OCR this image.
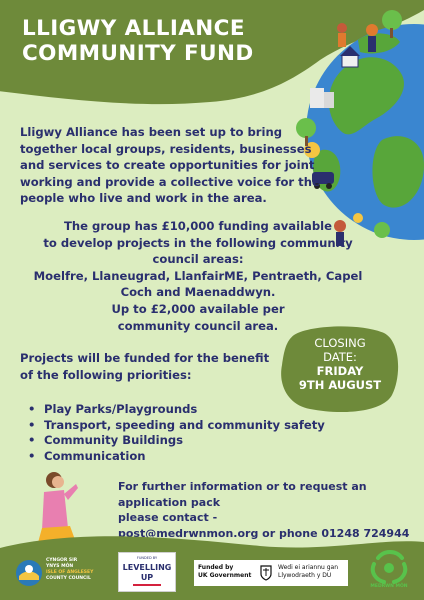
LLIGWY ALLIANCE
COMMUNITY FUND
Lligwy Alliance has been set up to bring together local groups, residents, businesses and services to create opportunities for joint working and provide a collective voice for the people who live and work in the area.
The group has £10,000 funding available
to develop projects in the following community
council areas:
Moelfre, Llaneugrad, LlanfairME, Pentraeth, Capel
Coch and Maenaddwyn.
Up to £2,000 available per
community council area.
Projects will be funded for the benefit
of the following priorities:
CLOSING
DATE:
FRIDAY
9TH AUGUST
• Play Parks/Playgrounds
• Transport, speeding and community safety
• Community Buildings
• Communication
For further information or to request an application pack
please contact -
post@medrwnmon.org or phone 01248 724944
CYNGOR SIR
YNYS MÔN
ISLE OF ANGLESEY
COUNTY COUNCIL
FUNDED BY
LEVELLING
UP
Funded by
UK Government
Wedi ei ariannu gan
Llywodraeth y DU
MEDRWN MÔN
